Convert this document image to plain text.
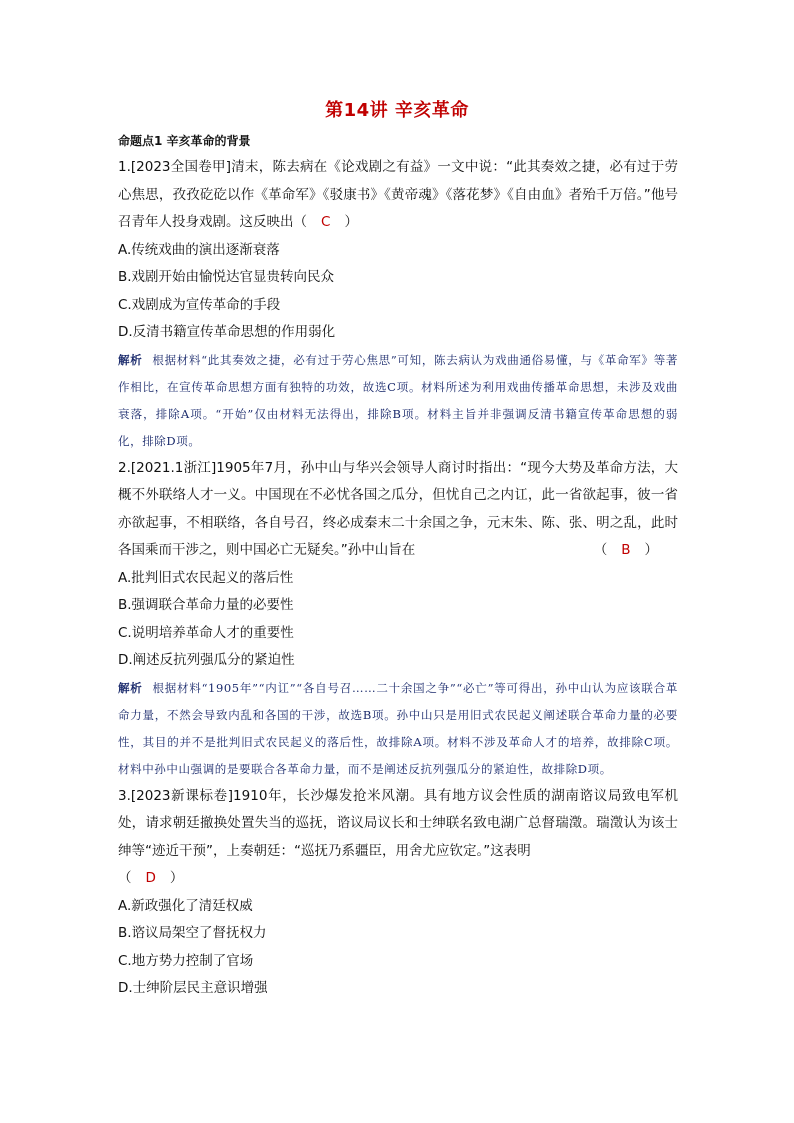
第14讲 辛亥革命
命题点1 辛亥革命的背景
1.[2023全国卷甲]清末，陈去病在《论戏剧之有益》一文中说：“此其奏效之捷，必有过于劳心焦思，孜孜矻矻以作《革命军》《驳康书》《黄帝魂》《落花梦》《自由血》者殆千万倍。”他号召青年人投身戏剧。这反映出（ C ）
A.传统戏曲的演出逐渐衰落
B.戏剧开始由愉悦达官显贵转向民众
C.戏剧成为宣传革命的手段
D.反清书籍宣传革命思想的作用弱化
解析 根据材料“此其奏效之捷，必有过于劳心焦思”可知，陈去病认为戏曲通俗易懂，与《革命军》等著作相比，在宣传革命思想方面有独特的功效，故选C项。材料所述为利用戏曲传播革命思想，未涉及戏曲衰落，排除A项。“开始”仅由材料无法得出，排除B项。材料主旨并非强调反清书籍宣传革命思想的弱化，排除D项。
2.[2021.1浙江]1905年7月，孙中山与华兴会领导人商讨时指出：“现今大势及革命方法，大概不外联络人才一义。中国现在不必忧各国之瓜分，但忧自己之内讧，此一省欲起事，彼一省亦欲起事，不相联络，各自号召，终必成秦末二十余国之争，元末朱、陈、张、明之乱，此时各国乘而干涉之，则中国必亡无疑矣。”孙中山旨在	（ B ）
A.批判旧式农民起义的落后性
B.强调联合革命力量的必要性
C.说明培养革命人才的重要性
D.阐述反抗列强瓜分的紧迫性
解析 根据材料“1905年”“内讧”“各自号召……二十余国之争”“必亡”等可得出，孙中山认为应该联合革命力量，不然会导致内乱和各国的干涉，故选B项。孙中山只是用旧式农民起义阐述联合革命力量的必要性，其目的并不是批判旧式农民起义的落后性，故排除A项。材料不涉及革命人才的培养，故排除C项。材料中孙中山强调的是要联合各革命力量，而不是阐述反抗列强瓜分的紧迫性，故排除D项。
3.[2023新课标卷]1910年，长沙爆发抢米风潮。具有地方议会性质的湖南谘议局致电军机处，请求朝廷撤换处置失当的巡抚，谘议局议长和士绅联名致电湖广总督瑞澂。瑞澂认为该士绅等“迹近干预”，上奏朝廷：“巡抚乃系疆臣，用舍尤应钦定。”这表明
（ D ）
A.新政强化了清廷权威
B.谘议局架空了督抚权力
C.地方势力控制了官场
D.士绅阶层民主意识增强
